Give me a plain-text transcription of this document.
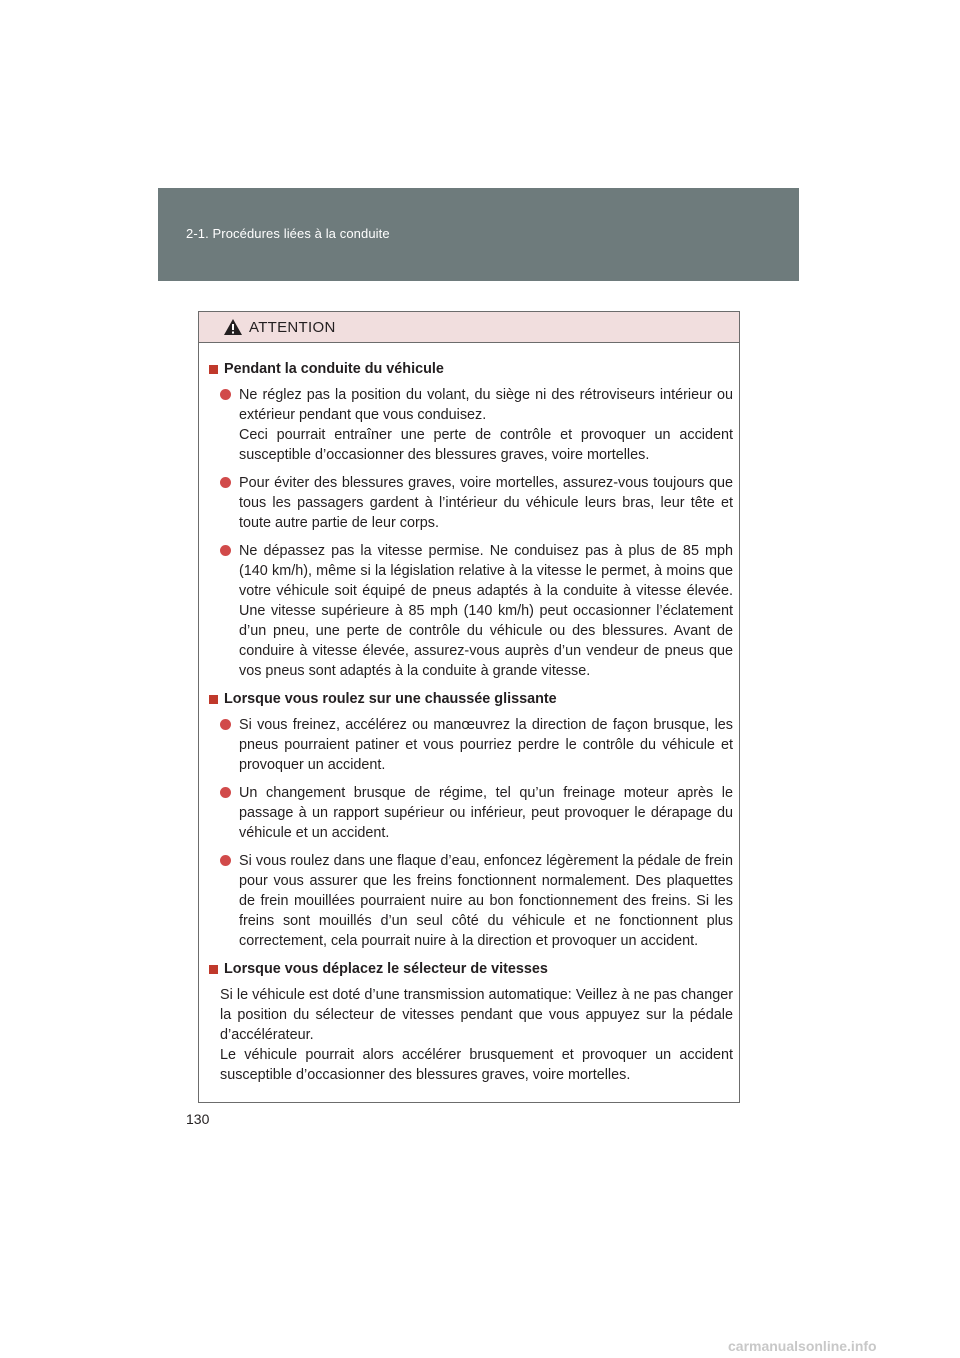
2-1. Procédures liées à la conduite
ATTENTION
Pendant la conduite du véhicule

Ne réglez pas la position du volant, du siège ni des rétroviseurs intérieur ou extérieur pendant que vous conduisez.

Ceci pourrait entraîner une perte de contrôle et provoquer un accident susceptible d’occasionner des blessures graves, voire mortelles.

Pour éviter des blessures graves, voire mortelles, assurez-vous toujours que tous les passagers gardent à l’intérieur du véhicule leurs bras, leur tête et toute autre partie de leur corps.

Ne dépassez pas la vitesse permise. Ne conduisez pas à plus de 85 mph (140 km/h), même si la législation relative à la vitesse le permet, à moins que votre véhicule soit équipé de pneus adaptés à la conduite à vitesse élevée. Une vitesse supérieure à 85 mph (140 km/h) peut occasionner l’éclatement d’un pneu, une perte de contrôle du véhicule ou des blessures. Avant de conduire à vitesse élevée, assurez-vous auprès d’un vendeur de pneus que vos pneus sont adaptés à la conduite à grande vitesse.

Lorsque vous roulez sur une chaussée glissante

Si vous freinez, accélérez ou manœuvrez la direction de façon brusque, les pneus pourraient patiner et vous pourriez perdre le contrôle du véhicule et provoquer un accident.

Un changement brusque de régime, tel qu’un freinage moteur après le passage à un rapport supérieur ou inférieur, peut provoquer le dérapage du véhicule et un accident.

Si vous roulez dans une flaque d’eau, enfoncez légèrement la pédale de frein pour vous assurer que les freins fonctionnent normalement. Des plaquettes de frein mouillées pourraient nuire au bon fonctionnement des freins. Si les freins sont mouillés d’un seul côté du véhicule et ne fonctionnent plus correctement, cela pourrait nuire à la direction et provoquer un accident.

Lorsque vous déplacez le sélecteur de vitesses

Si le véhicule est doté d’une transmission automatique: Veillez à ne pas changer la position du sélecteur de vitesses pendant que vous appuyez sur la pédale d’accélérateur.

Le véhicule pourrait alors accélérer brusquement et provoquer un accident susceptible d’occasionner des blessures graves, voire mortelles.

130
carmanualsonline.info
